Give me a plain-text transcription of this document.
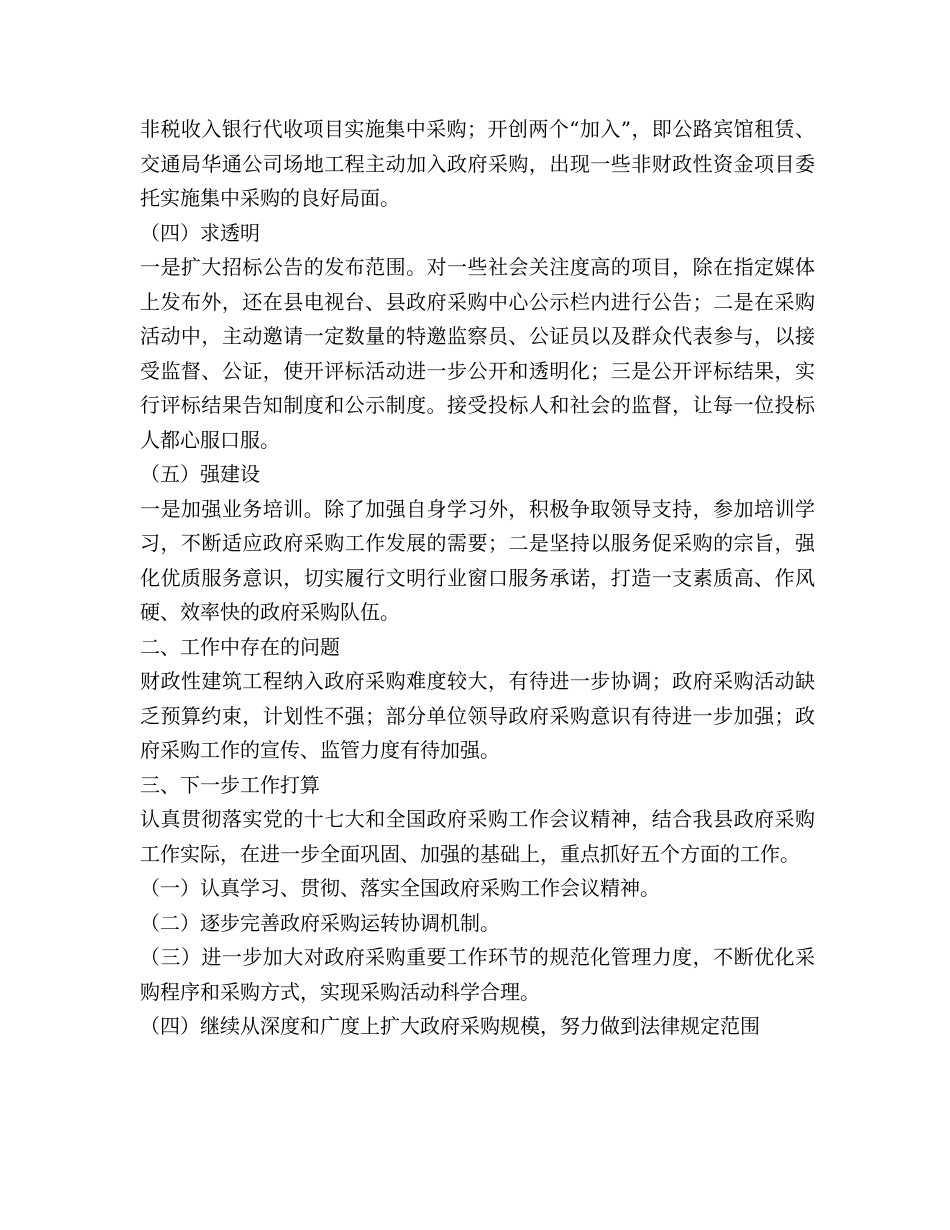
非税收入银行代收项目实施集中采购；开创两个“加入”，即公路宾馆租赁、交通局华通公司场地工程主动加入政府采购，出现一些非财政性资金项目委托实施集中采购的良好局面。

（四）求透明

一是扩大招标公告的发布范围。对一些社会关注度高的项目，除在指定媒体上发布外，还在县电视台、县政府采购中心公示栏内进行公告；二是在采购活动中，主动邀请一定数量的特邀监察员、公证员以及群众代表参与，以接受监督、公证，使开评标活动进一步公开和透明化；三是公开评标结果，实行评标结果告知制度和公示制度。接受投标人和社会的监督，让每一位投标人都心服口服。

（五）强建设

一是加强业务培训。除了加强自身学习外，积极争取领导支持，参加培训学习，不断适应政府采购工作发展的需要；二是坚持以服务促采购的宗旨，强化优质服务意识，切实履行文明行业窗口服务承诺，打造一支素质高、作风硬、效率快的政府采购队伍。

二、工作中存在的问题

财政性建筑工程纳入政府采购难度较大，有待进一步协调；政府采购活动缺乏预算约束，计划性不强；部分单位领导政府采购意识有待进一步加强；政府采购工作的宣传、监管力度有待加强。

三、下一步工作打算

认真贯彻落实党的十七大和全国政府采购工作会议精神，结合我县政府采购工作实际，在进一步全面巩固、加强的基础上，重点抓好五个方面的工作。

（一）认真学习、贯彻、落实全国政府采购工作会议精神。

（二）逐步完善政府采购运转协调机制。

（三）进一步加大对政府采购重要工作环节的规范化管理力度，不断优化采购程序和采购方式，实现采购活动科学合理。

（四）继续从深度和广度上扩大政府采购规模，努力做到法律规定范围
